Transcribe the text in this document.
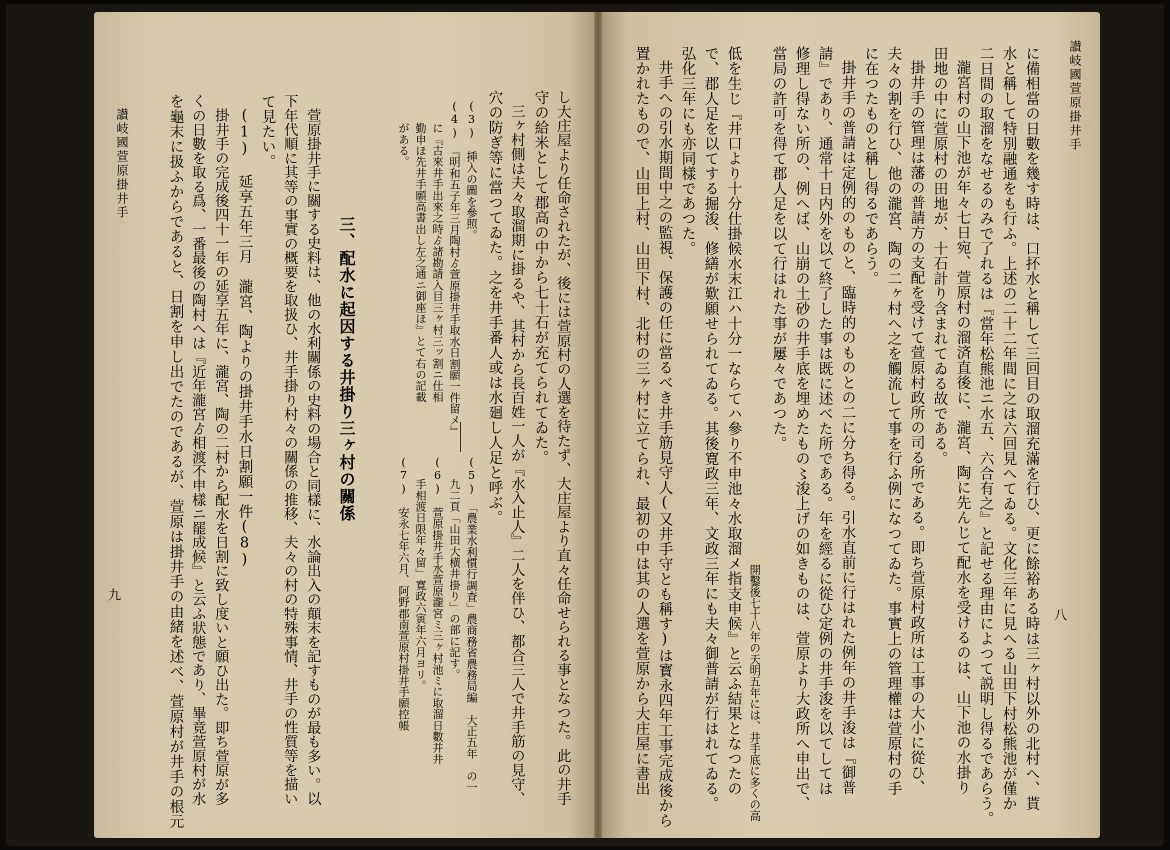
讃岐國萱原掛井手
八
に備相當の日數を幾す時は、口抔水と稱して三回目の取溜充滿を行ひ、更に餘裕ある時は三ヶ村以外の北村へ、貰
水と稱して特別融通をも行ふ。上述の二十二年間に之は六回見へてゐる。文化三年に見へる山田下村松熊池が僅か
二日間の取溜をなせるのみで了れるは『當年松熊池ニ水五、六合有之』と記せる理由によつて説明し得るであらう。
瀧宮村の山下池が年々七日宛、萱原村の溜済直後に、瀧宮、陶に先んじて配水を受けるのは、山下池の水掛り
田地の中に萱原村の田地が、十石計り含まれてゐる故である。
掛井手の管理は藩の普請方の支配を受けて萱原村政所の司る所である。即ち萱原村政所は工事の大小に從ひ、
夫々の割を行ひ、他の瀧宮、陶の二ヶ村へ之を觸流して事を行ふ例になつてゐた。事實上の管理權は萱原村の手
に在つたものと稱し得るであらう。
掛井手の普請は定例的のものと、臨時的のものとの二に分ち得る。引水直前に行はれた例年の井手浚は『御普
請』であり、通常十日内外を以て終了した事は既に述べた所である。年を經るに從ひ定例の井手浚を以てしては
修理し得ない所の、例へば、山崩の土砂の井手底を埋めたもの〻浚上げの如きものは、萱原より大政所へ申出で、
當局の許可を得て郡人足を以て行はれた事が屢々であつた。
開鑿後七十八年の天明五年には、井手底に多くの高
低を生じ『井口より十分仕掛候水末江ハ十分一ならてハ參り不申池々水取溜メ指支申候』と云ふ結果となつたの
で、郡人足を以てする掘浚、修繕が歎願せられてゐる。其後寛政三年、文政三年にも夫々御普請が行はれてゐる。
弘化三年にも亦同樣であつた。
井手への引水期間中之の監視、保護の任に當るべき井手筋見守人(又井手守とも稱す)は寳永四年工事完成後から
置かれたもので、山田上村、山田下村、北村の三ヶ村に立てられ、最初の中は其の人選を萱原から大庄屋に書出
讃岐國萱原掛井手
九	し大庄屋より任命されたが、後には萱原村の人選を待たず、大庄屋より直々任命せられる事となつた。此の井手
守の給米として郡高の中から七十石が充てられてゐた。
三ヶ村側は夫々取溜期に掛るや、其村から長百姓一人が『水入止人』二人を伴ひ、都合三人で井手筋の見守、
穴の防ぎ等に當つてゐた。之を井手番人或は水廻し人足と呼ぶ。
(3)　挿入の圖を參照。
(4)　『明和五子年三月陶村ゟ萱原掛井手取水日割願一件留メ』
　　に『古來井手出來之時ゟ諸勘請入目三ヶ村三ッ割ニ仕相
　　勤申ほ先井手願高書出し左之通ニ御座ほ』とて右の記載
　　がある。
(5)　「農業水利慣行調査」農商務省農務局編　大正五年　の一
　　九二頁「山田大横井掛り」の部に記す。
(6)　萱原掛井手水萱原瀧宮ミ三ヶ村池ミに取溜日數并井
　　手相渡日限年々留」寛政六寅年六月ヨリ。
(7)　安永七年六月、阿野郡南萱原村掛井手願控帳
三、配水に起因する井掛り三ヶ村の關係
萱原掛井手に關する史料は、他の水利關係の史料の場合と同樣に、水論出入の顛末を記すものが最も多い。以
下年代順に其等の事實の概要を取扱ひ、井手掛り村々の關係の推移、夫々の村の特殊事情、井手の性質等を描い
て見たい。
(1) 延享五年三月　瀧宮、陶よりの掛井手水日割願一件(8)
掛井手の完成後四十一年の延享五年に、瀧宮、陶の二村から配水を日割に致し度いと願ひ出た。即ち萱原が多
くの日數を取る爲、一番最後の陶村へは『近年瀧宮ゟ相渡不申樣ニ罷成候』と云ふ狀態であり、畢竟萱原村が水
を龜末に扱ふからであると、日割を申し出でたのであるが、萱原は掛井手の由緒を述べ、萱原村が井手の根元
